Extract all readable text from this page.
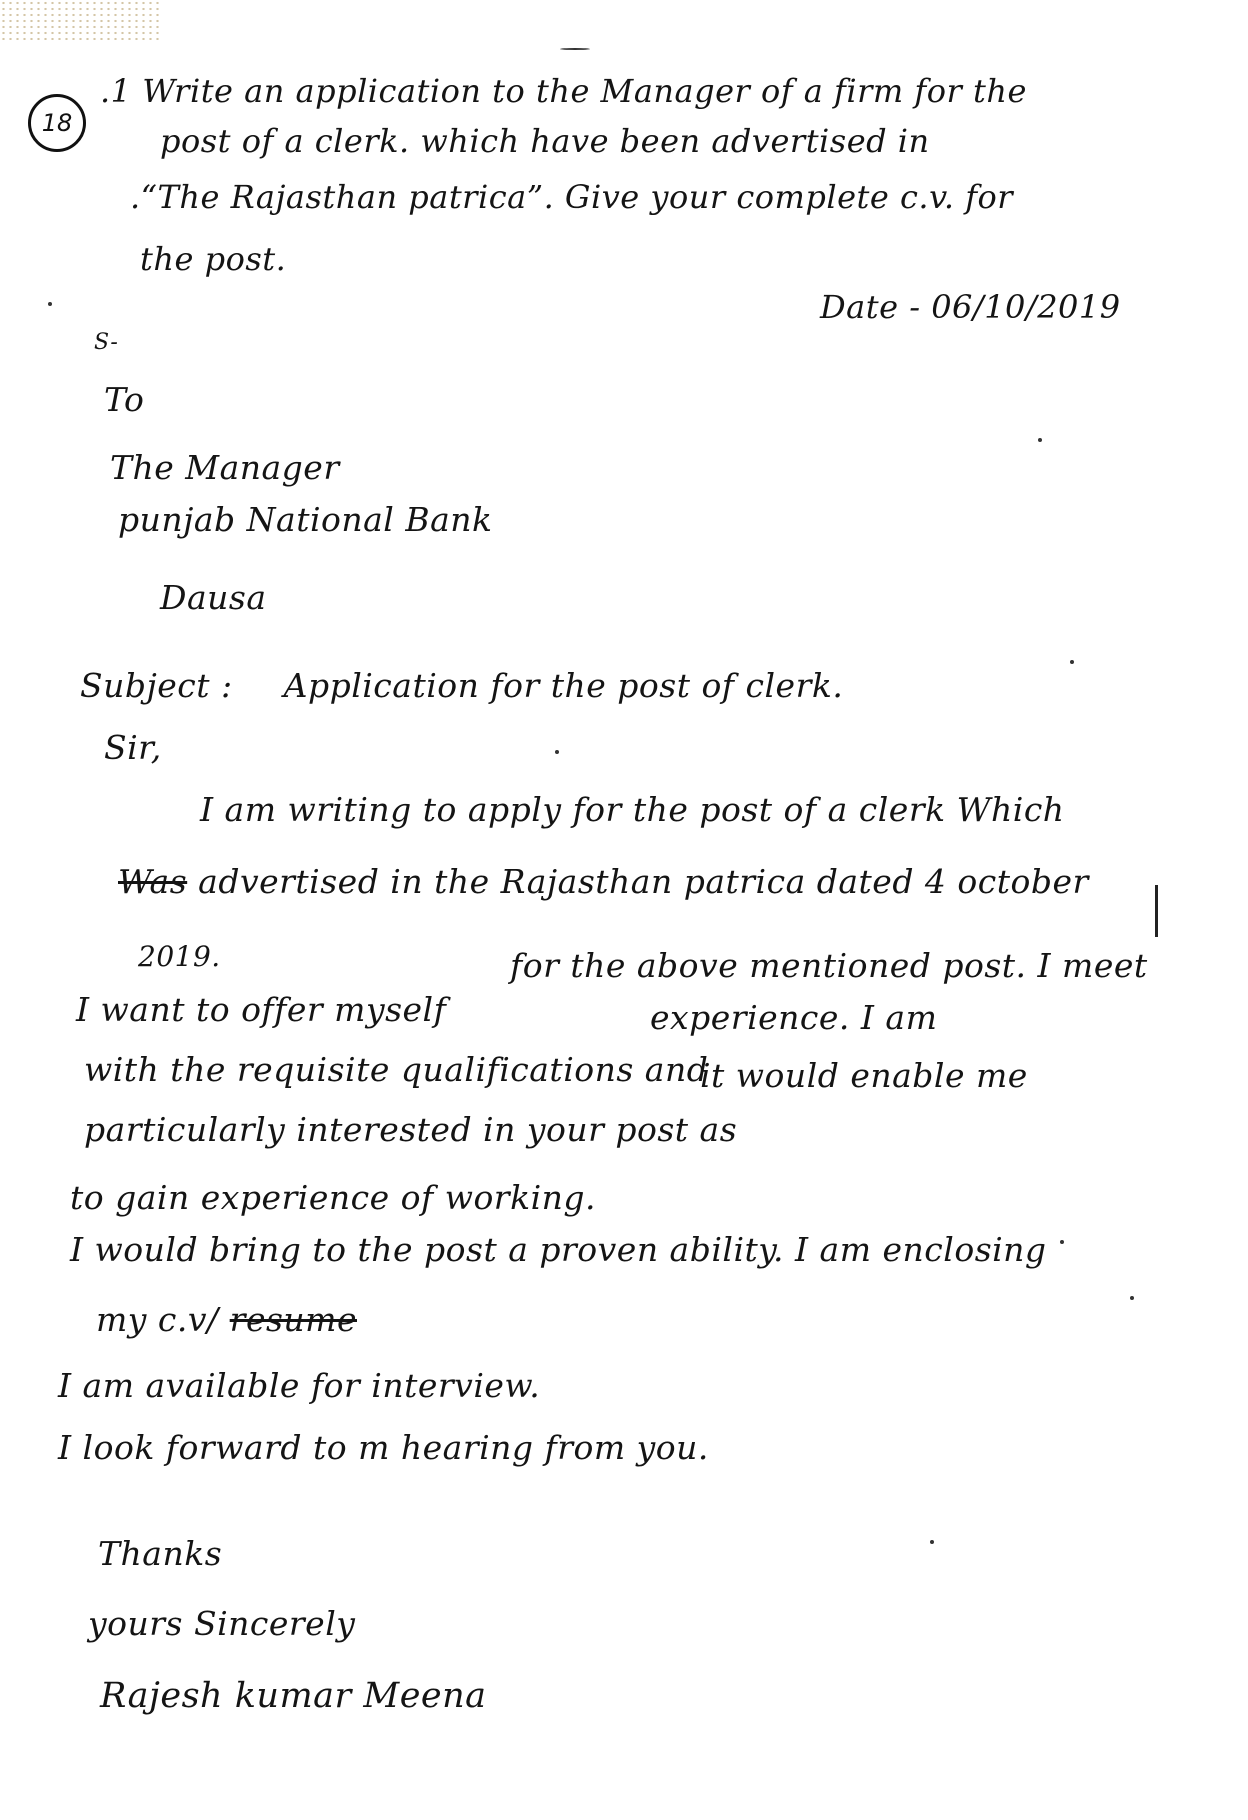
18
.1 Write an application to the Manager of a firm for the
post of a clerk. which have been advertised in
.“The Rajasthan patrica”. Give your complete c.v. for
the post.
Date - 06/10/2019
S-
To
The Manager
punjab National Bank
Dausa
Subject : Application for the post of clerk.
Sir,
I am writing to apply for the post of a clerk Which
Was advertised in the Rajasthan patrica dated 4 october
2019.	for the above mentioned post. I meet
I want to offer myself	experience. I am
with the requisite qualifications and
it would enable me
particularly interested in your post as
to gain experience of working.
I would bring to the post a proven ability. I am enclosing
my c.v/ resume
I am available for interview.
I look forward to m hearing from you.
Thanks
yours Sincerely
Rajesh kumar Meena
